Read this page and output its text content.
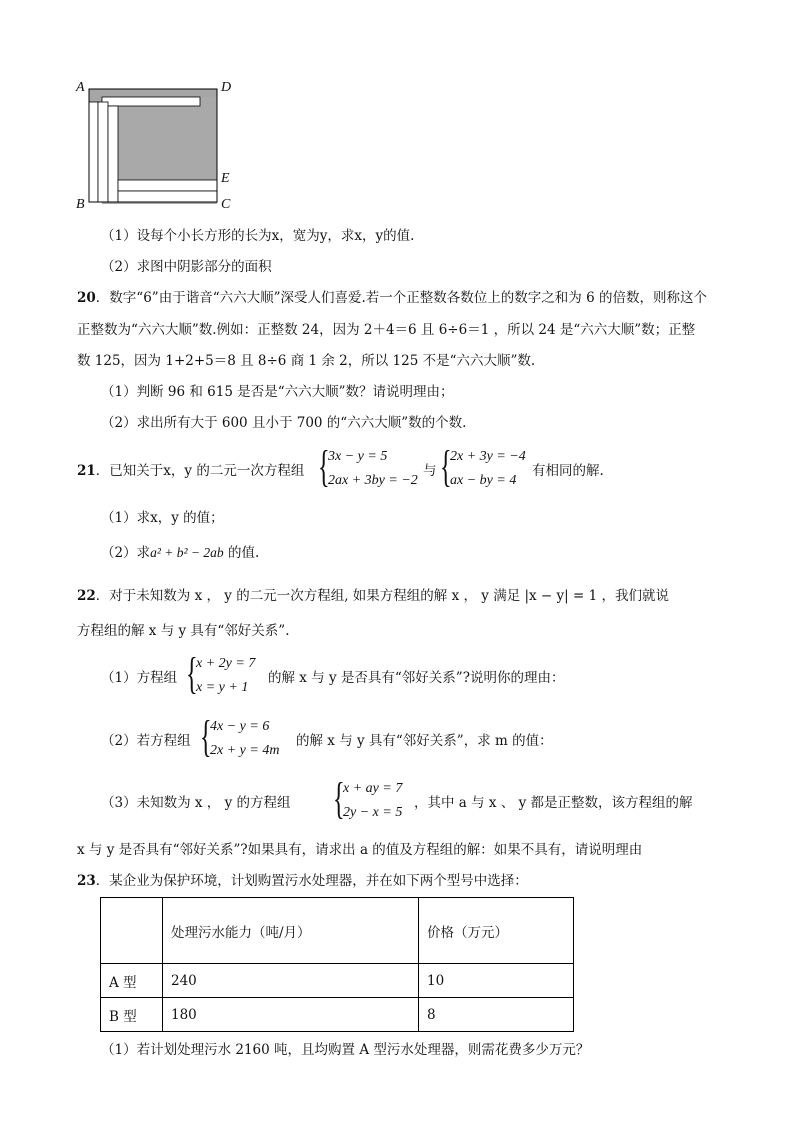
A	D
B	C
E
（1）设每个小长方形的长为x，宽为y，求x，y的值.
（2）求图中阴影部分的面积
20．数字“6”由于谐音“六六大顺”深受人们喜爱.若一个正整数各数位上的数字之和为 6 的倍数，则称这个
正整数为“六六大顺”数.例如：正整数 24，因为 2＋4＝6 且 6÷6＝1 ，所以 24 是“六六大顺”数；正整
数 125，因为 1+2+5＝8 且 8÷6 商 1 余 2，所以 125 不是“六六大顺”数.
（1）判断 96 和 615 是否是“六六大顺”数？请说明理由；
（2）求出所有大于 600 且小于 700 的“六六大顺”数的个数.
21．已知关于x，y 的二元一次方程组 {
3x − y = 5
2ax + 3by = −2
与 {
2x + 3y = −4
ax − by = 4
有相同的解.
（1）求x，y 的值；
（2）求a² + b² − 2ab 的值.
22．对于未知数为 x ， y 的二元一次方程组, 如果方程组的解 x ， y 满足 |x − y| = 1 ，我们就说
方程组的解 x 与 y 具有“邻好关系”.
（1）方程组 {
x + 2y = 7
x = y + 1
的解 x 与 y 是否具有“邻好关系”?说明你的理由：
（2）若方程组 {
4x − y = 6
2x + y = 4m
的解 x 与 y 具有“邻好关系”，求 m 的值：
（3）未知数为 x ， y 的方程组 {
x + ay = 7
2y − x = 5
，其中 a 与 x 、 y 都是正整数，该方程组的解
x 与 y 是否具有“邻好关系”?如果具有，请求出 a 的值及方程组的解：如果不具有，请说明理由
23．某企业为保护环境，计划购置污水处理器，并在如下两个型号中选择：
	处理污水能力（吨/月）	价格（万元）
A 型	240	10
B 型	180	8
（1）若计划处理污水 2160 吨，且均购置 A 型污水处理器，则需花费多少万元？
